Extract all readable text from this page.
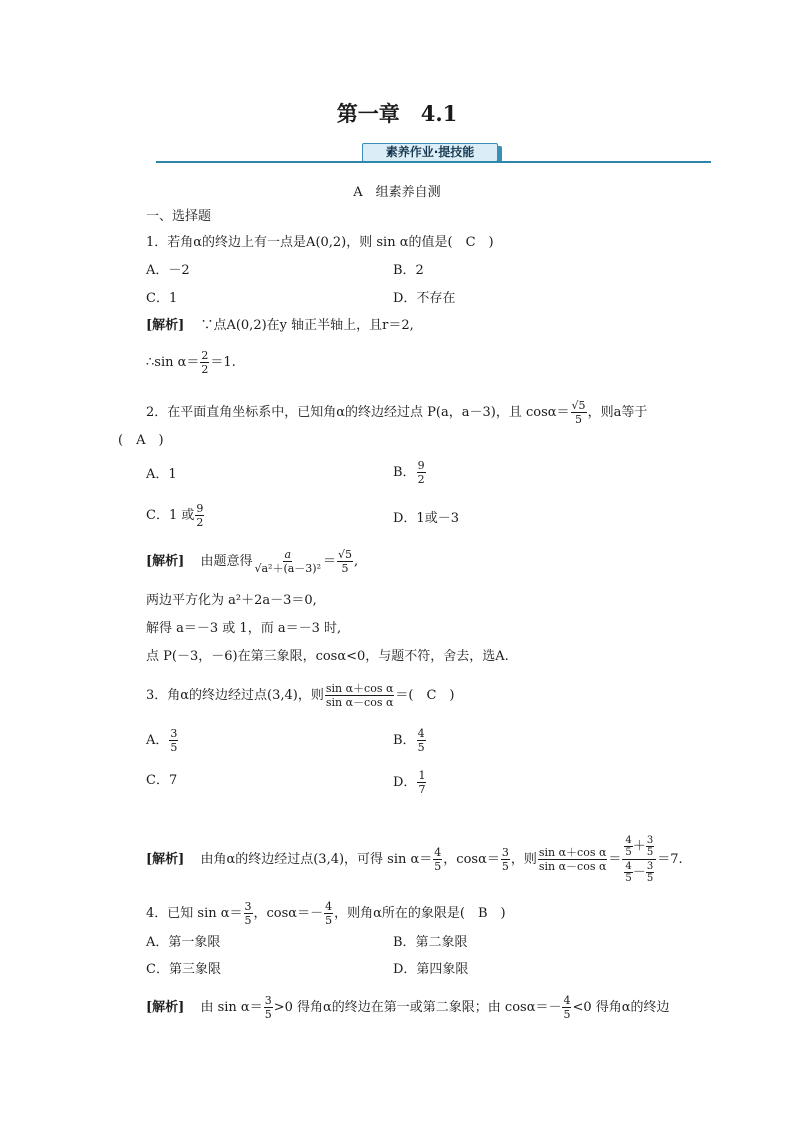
第一章　4.1
素养作业·提技能
A　组素养自测
一、选择题
1．若角α的终边上有一点是A(0,2)，则 sin α的值是(　C　)
A．－2	B．2
C．1	D．不存在
[解析] ∵点A(0,2)在y 轴正半轴上，且r＝2,
∴sin $\alpha= \frac{2}{2} =1$.
2．在平面直角坐标系中，已知角α的终边经过点 P(a，a－3)，且 $\cos\alpha= \frac{√5}{5}$ ，则a等于
(　A　)
A．1	B． $\frac{9}{2}$
C．1 或 $\frac{9}{2}$	D．1或－3
[解析] 由题意得 $\frac{a}{\text{√a²＋(a－3)²}} = \frac{√5}{5}$ ,
两边平方化为 a²＋2a－3＝0,
解得 a＝－3 或 1，而 a＝－3 时,
点 P(－3，－6)在第三象限，cosα<0，与题不符，舍去，选A.
3．角α的终边经过点(3,4)，则 $\frac{\text{sin α＋cos α}}{\text{sin α－cos α}}$ ＝(　C　)
A． $\frac{3}{5}$	B． $\frac{4}{5}$
C．7	D． $\frac{1}{7}$
[解析] 由角α的终边经过点(3,4)，可得 $\sin \alpha= \frac{4}{5}$ ，$\cos\alpha= \frac{3}{5}$ ，则 $\frac{\text{sin α＋cos α}}{\text{sin α－cos α}} = \frac{\frac{4}{5} + \frac{3}{5}}{\frac{4}{5} - \frac{3}{5}} =7$.
4．已知 $\sin \alpha= \frac{3}{5}$ ，$\cos\alpha=- \frac{4}{5}$ ，则角α所在的象限是(　B　)
A．第一象限	B．第二象限
C．第三象限	D．第四象限
[解析] 由 $\sin \alpha= \frac{3}{5} >0$ 得角α的终边在第一或第二象限；由 $\cos\alpha=- \frac{4}{5} <0$ 得角α的终边
